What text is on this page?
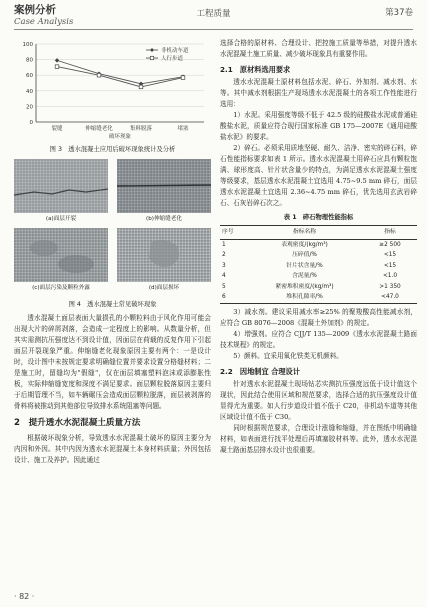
案例分析
Case Analysis
工程质量	第37卷
0
20
40
60
80
100
裂缝	伸缩缝老化	集料脱落	堵塞
破坏现象
非机动车道
人行步道
图 3　透水混凝土应用后破坏现象统计及分析
(a)面层开裂	(b)伸缩缝老化
(c)面层污染及颗粒外露	(d)面层损坏
图 4　透水混凝土常见破坏现象

透水混凝土面层表面大量损孔的小颗粒料由于风化作用可能会出现大片的碎屑剥落，会造成一定程度上的影响。从数量分析，但其实需测抗压强度达不到设计值，因面层在荷载的反复作用下引起面层开裂现象严重。伸缩缝老化现象原因主要有两个：一是设计时，设计图中未按规定要求明确缝位置并要求设置分格缝材料；二是施工时，留缝均为"假缝"，仅在面层填塞塑料泡沫或添膨胀性板，实际伸缩缝宽度和深度不满足要求。面层颗粒脱落原因主要归于后期管理不当，如车辆碾压会造成面层颗粒脱落，面层被剥落的骨料将被推动到其他部位导致排水系统阻塞等问题。

2　提升透水水泥混凝土质量方法

根据破坏现象分析，导致透水水泥混凝土破坏的原因主要分为内因和外因。其中内因为透水水泥混凝土本身材料质量；外因包括设计、施工及养护。因此通过

选择合格的原材料、合理设计、把控施工质量等举措，对提升透水水泥混凝土施工质量、减少破坏现象具有重要作用。

2.1　原材料选用要求

透水水泥混凝土原材料包括水泥、碎石、外加剂、减水剂、水等。其中减水剂根据生产现场透水水泥混凝土的各项工作性能进行选用：

1）水泥。采用强度等级不低于 42.5 级的硅酸盐水泥或普通硅酸盐水泥，质量应符合现行国家标准 GB 175—2007E《通用硅酸盐水泥》的要求。

2）碎石。必须采用质地坚硬、耐久、洁净、密实的碎石料，碎石性能指标要求如表 1 所示。透水水泥混凝土用碎石应具有颗粒饱满、球形度高、针片状含量少的特点，为满足透水水泥混凝土强度等级要求，基层透水水泥混凝土宜选用 4.75~9.5 mm 碎石，面层透水水泥混凝土宜选用 2.36~4.75 mm 碎石，优先选用玄武岩碎石、石灰岩碎石次之。

表 1　碎石物理性能指标
序号	指标名称	指标
1	表观密度/(kg/m³)	≥2 500
2	压碎值/%	<15
3	针片状含量/%	<15
4	含泥量/%	<1.0
5	紧密堆积密度/(kg/m³)	>1 350
6	堆积孔隙率/%	<47.0

3）减水剂。建议采用减水率≥25% 的聚羧酸高性能减水剂，应符合 GB 8076—2008《混凝土外加剂》的规定。

4）增强剂。应符合 CJJ/T 135—2009《透水水泥混凝土路面技术规程》的规定。

5）颜料。宜采用氧化铁类无机颜料。

2.2　因地制宜 合理设计

针对透水水泥混凝土现场钻芯实测抗压强度远低于设计值这个现状，因此结合使用区域和规范要求，选择合适的抗压强度设计值显得尤为重要。如人行步道设计值不低于 C20，非机动车道等其他区域设计值不低于 C30。

同时根据规范要求，合理设计涨缝和缩缝，并在图纸中明确缝材料，如表面进行找平处理后再填塞胶材料等。此外，透水水泥混凝土路面基层排水设计也很重要。

· 82 ·
